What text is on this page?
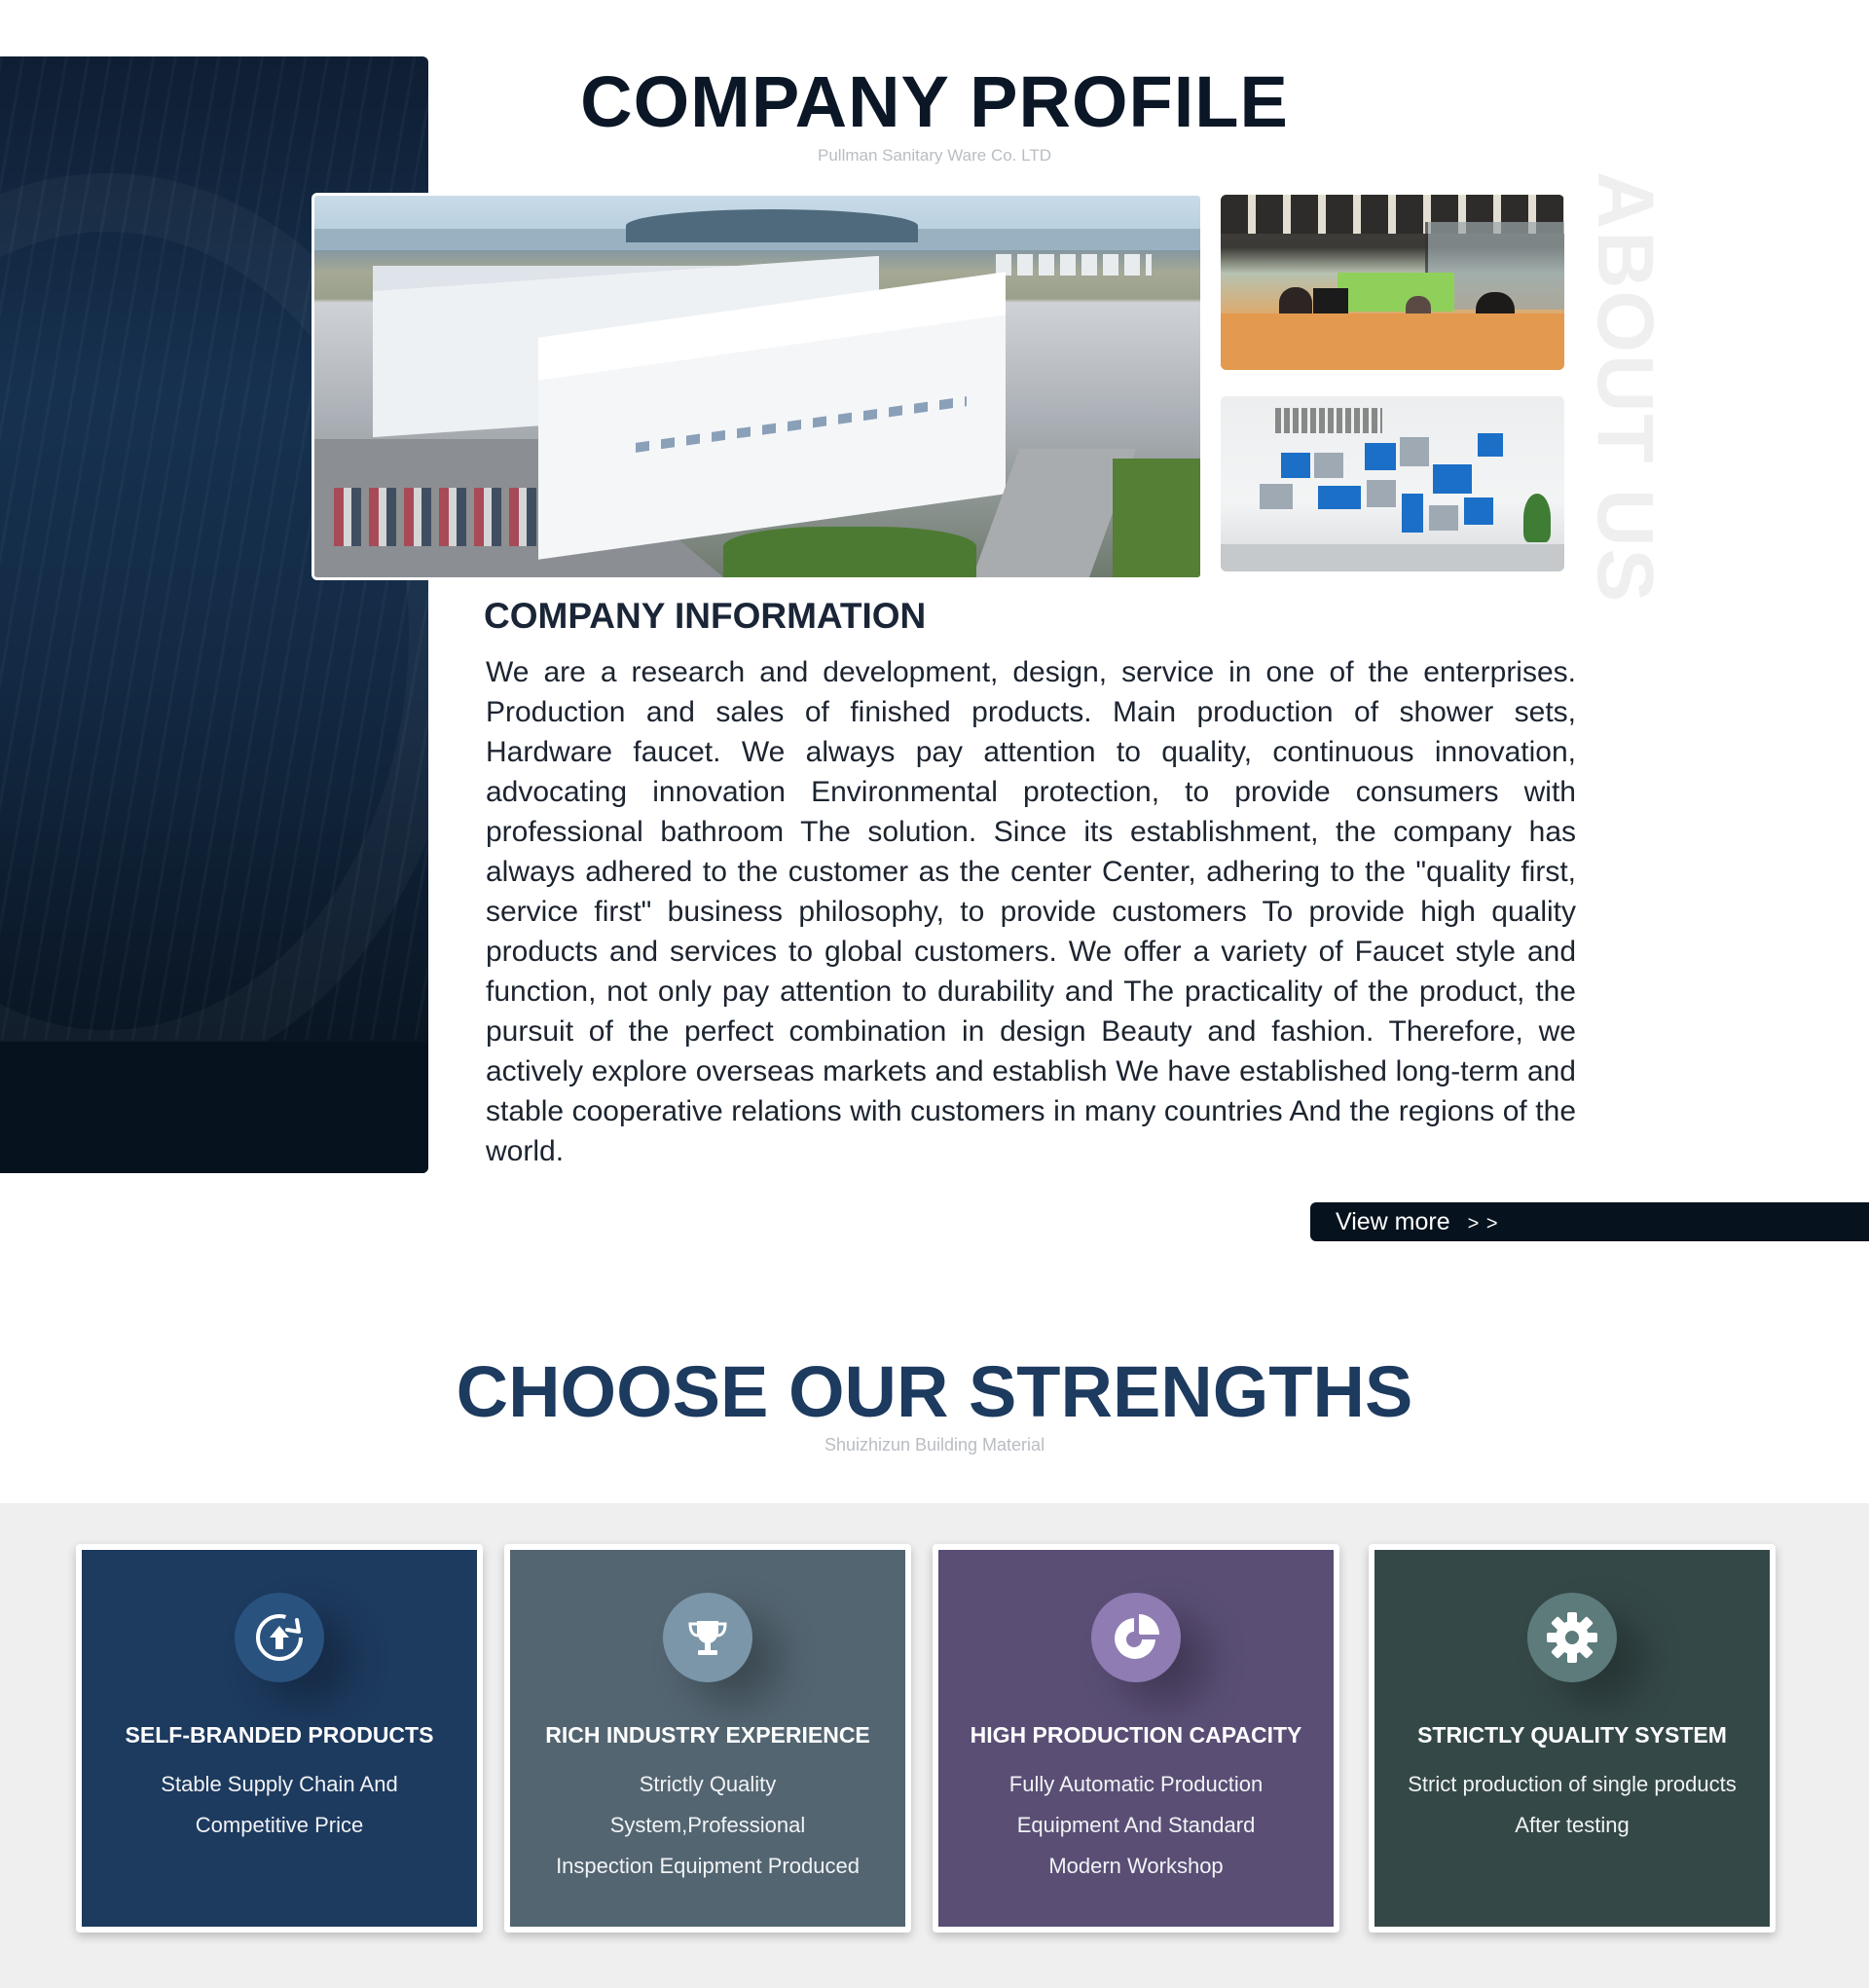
COMPANY PROFILE
Pullman Sanitary Ware Co. LTD
ABOUT US
COMPANY INFORMATION

We are a research and development, design, service in one of the enterprises. Production and sales of finished products. Main production of shower sets, Hardware faucet. We always pay attention to quality, continuous innovation, advocating innovation Environmental protection, to provide consumers with professional bathroom The solution. Since its establishment, the company has always adhered to the customer as the center Center, adhering to the "quality first, service first" business philosophy, to provide customers To provide high quality products and services to global customers. We offer a variety of Faucet style and function, not only pay attention to durability and The practicality of the product, the pursuit of the perfect combination in design Beauty and fashion. Therefore, we actively explore overseas markets and establish We have established long-term and stable cooperative relations with customers in many countries And the regions of the world.

View more > >
CHOOSE OUR STRENGTHS
Shuizhizun Building Material
SELF-BRANDED PRODUCTS
Stable Supply Chain And
Competitive Price
RICH INDUSTRY EXPERIENCE
Strictly Quality System,Professional
Inspection Equipment Produced
HIGH PRODUCTION CAPACITY
Fully Automatic Production
Equipment And Standard
Modern Workshop
STRICTLY QUALITY SYSTEM
Strict production of single products
After testing
